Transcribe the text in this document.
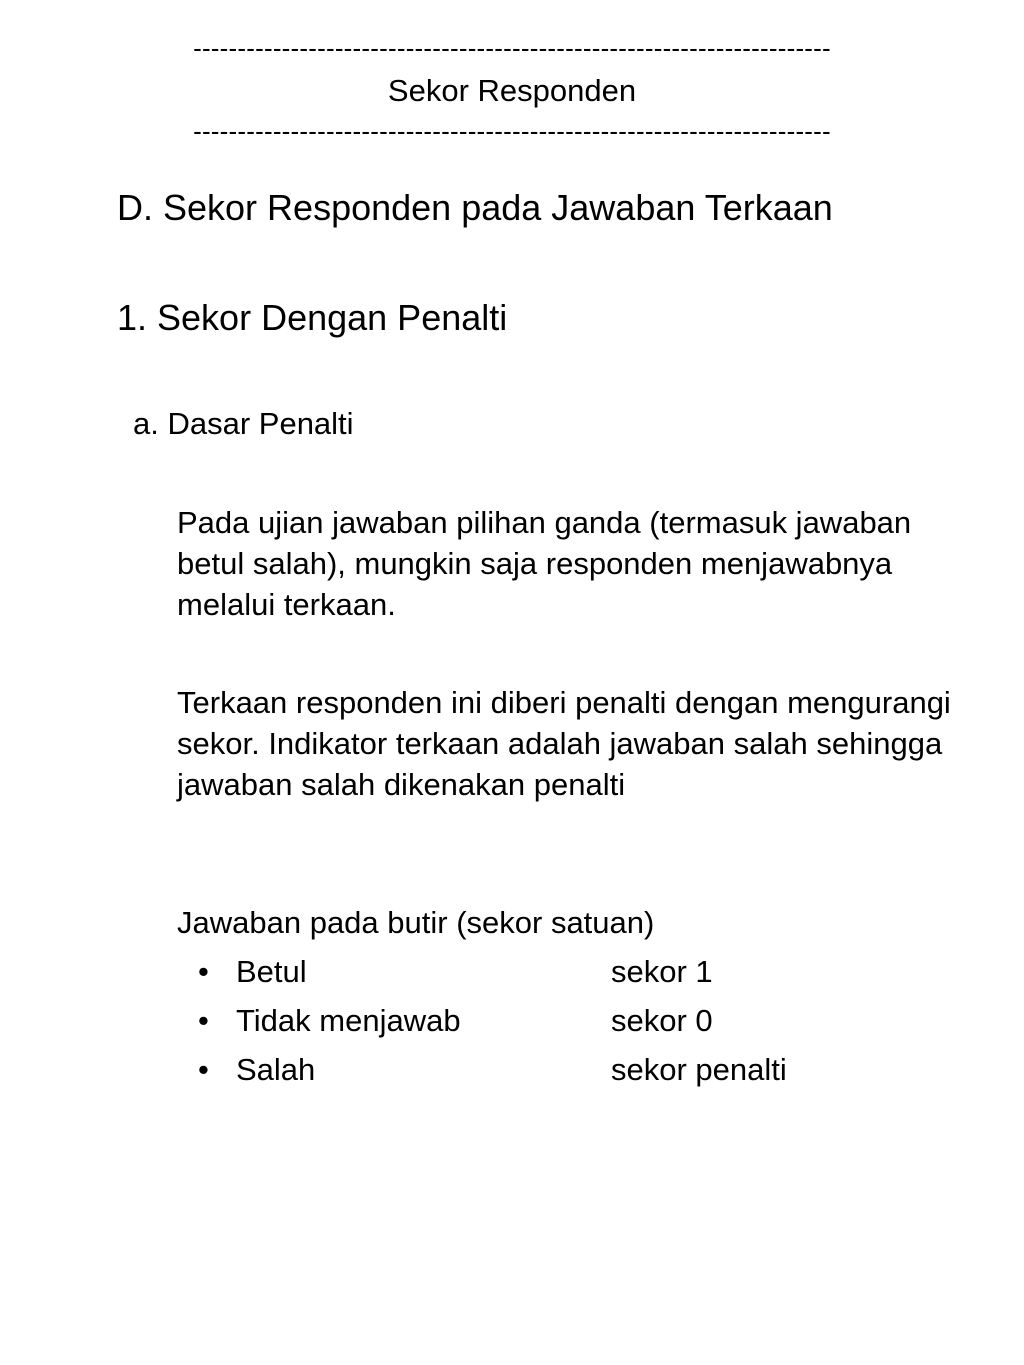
------------------------------------------------------------------------
Sekor Responden
------------------------------------------------------------------------
D. Sekor Responden pada Jawaban Terkaan
1. Sekor Dengan Penalti
a. Dasar Penalti
Pada ujian jawaban pilihan ganda (termasuk jawaban betul salah), mungkin saja responden menjawabnya melalui terkaan.
Terkaan responden ini diberi penalti dengan mengurangi sekor. Indikator terkaan adalah jawaban salah sehingga jawaban salah dikenakan penalti
Jawaban pada butir (sekor satuan)
• Betul	sekor 1
• Tidak menjawab	sekor 0
• Salah	sekor penalti
